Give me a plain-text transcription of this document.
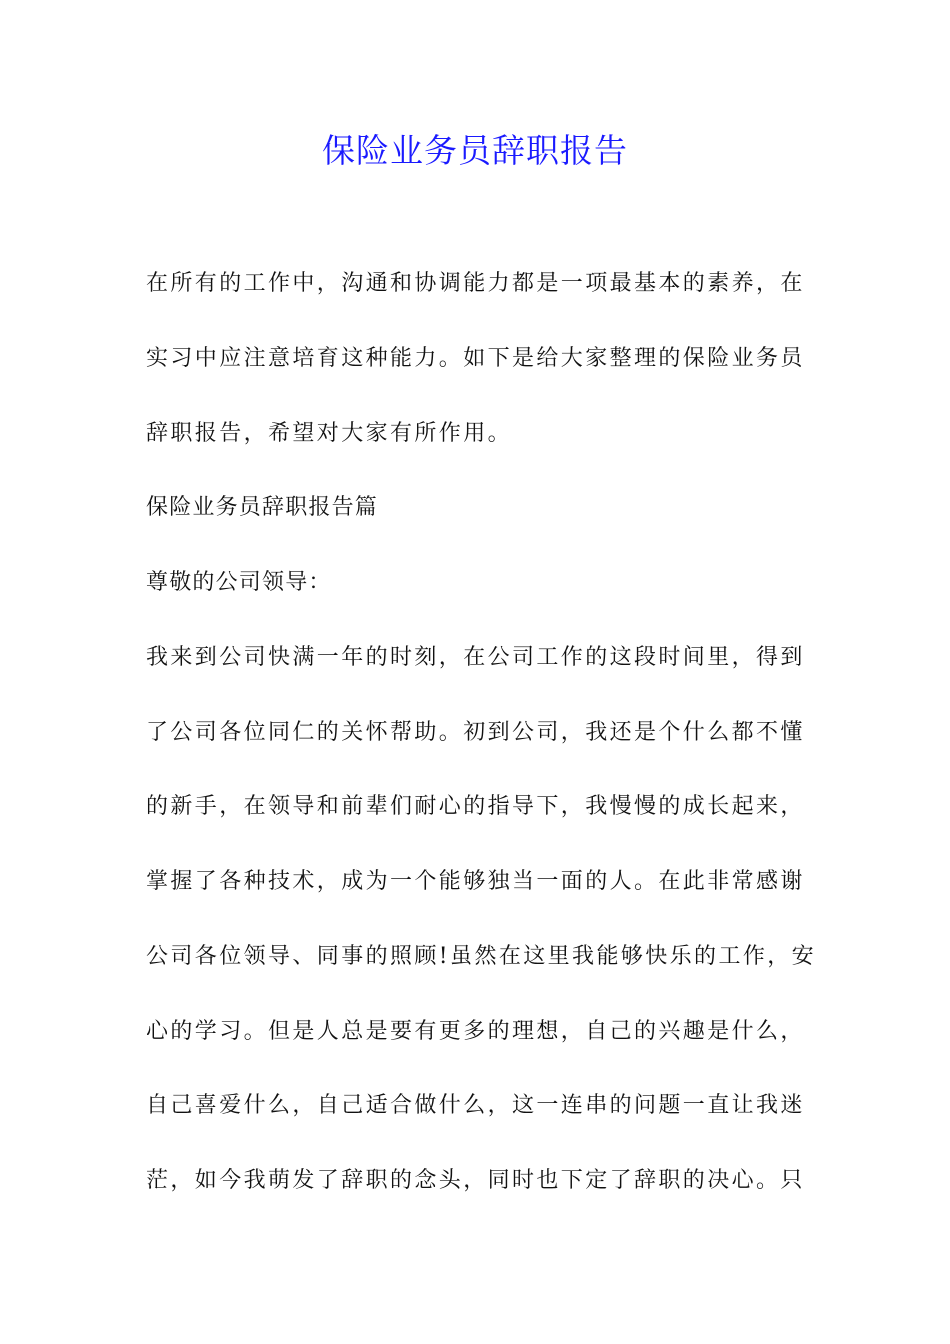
保险业务员辞职报告
在所有的工作中，沟通和协调能力都是一项最基本的素养，在
实习中应注意培育这种能力。如下是给大家整理的保险业务员
辞职报告，希望对大家有所作用。
保险业务员辞职报告篇
尊敬的公司领导：
我来到公司快满一年的时刻，在公司工作的这段时间里，得到
了公司各位同仁的关怀帮助。初到公司，我还是个什么都不懂
的新手，在领导和前辈们耐心的指导下，我慢慢的成长起来，
掌握了各种技术，成为一个能够独当一面的人。在此非常感谢
公司各位领导、同事的照顾!虽然在这里我能够快乐的工作，安
心的学习。但是人总是要有更多的理想，自己的兴趣是什么，
自己喜爱什么，自己适合做什么，这一连串的问题一直让我迷
茫，如今我萌发了辞职的念头，同时也下定了辞职的决心。只
